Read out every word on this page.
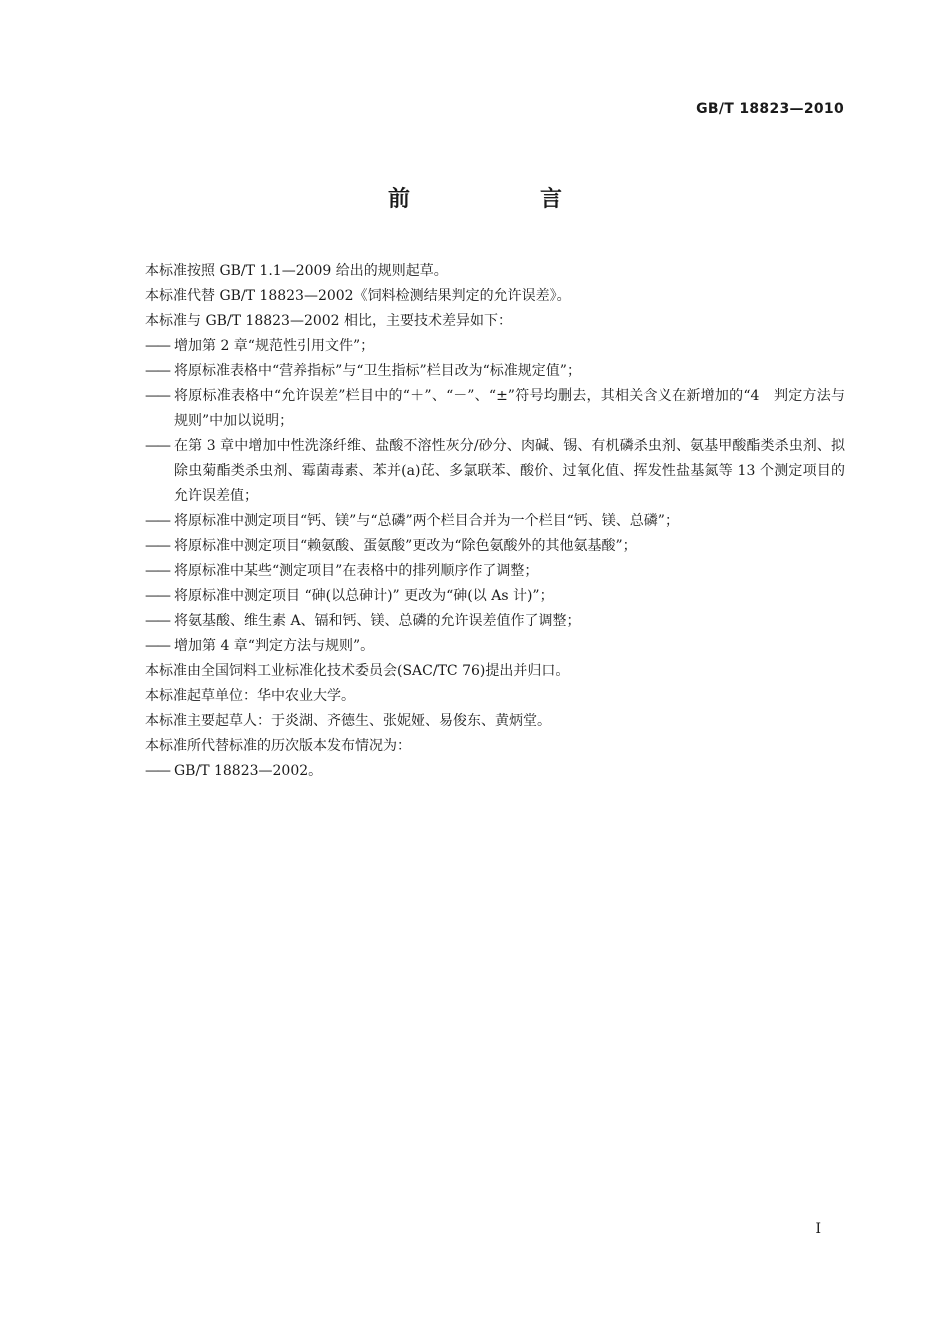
GB/T 18823—2010
前　言

本标准按照 GB/T 1.1—2009 给出的规则起草。

本标准代替 GB/T 18823—2002《饲料检测结果判定的允许误差》。

本标准与 GB/T 18823—2002 相比，主要技术差异如下：

—— 增加第 2 章“规范性引用文件”；

—— 将原标准表格中“营养指标”与“卫生指标”栏目改为“标准规定值”；

—— 将原标准表格中“允许误差”栏目中的“＋”、“－”、“±”符号均删去，其相关含义在新增加的“4　判定方法与规则”中加以说明；

—— 在第 3 章中增加中性洗涤纤维、盐酸不溶性灰分/砂分、肉碱、锡、有机磷杀虫剂、氨基甲酸酯类杀虫剂、拟除虫菊酯类杀虫剂、霉菌毒素、苯并(a)芘、多氯联苯、酸价、过氧化值、挥发性盐基氮等 13 个测定项目的允许误差值；

—— 将原标准中测定项目“钙、镁”与“总磷”两个栏目合并为一个栏目“钙、镁、总磷”；

—— 将原标准中测定项目“赖氨酸、蛋氨酸”更改为“除色氨酸外的其他氨基酸”；

—— 将原标准中某些“测定项目”在表格中的排列顺序作了调整；

—— 将原标准中测定项目 “砷(以总砷计)” 更改为“砷(以 As 计)”；

—— 将氨基酸、维生素 A、镉和钙、镁、总磷的允许误差值作了调整；

—— 增加第 4 章“判定方法与规则”。

本标准由全国饲料工业标准化技术委员会(SAC/TC 76)提出并归口。

本标准起草单位：华中农业大学。

本标准主要起草人：于炎湖、齐德生、张妮娅、易俊东、黄炳堂。

本标准所代替标准的历次版本发布情况为：

—— GB/T 18823—2002。

I
